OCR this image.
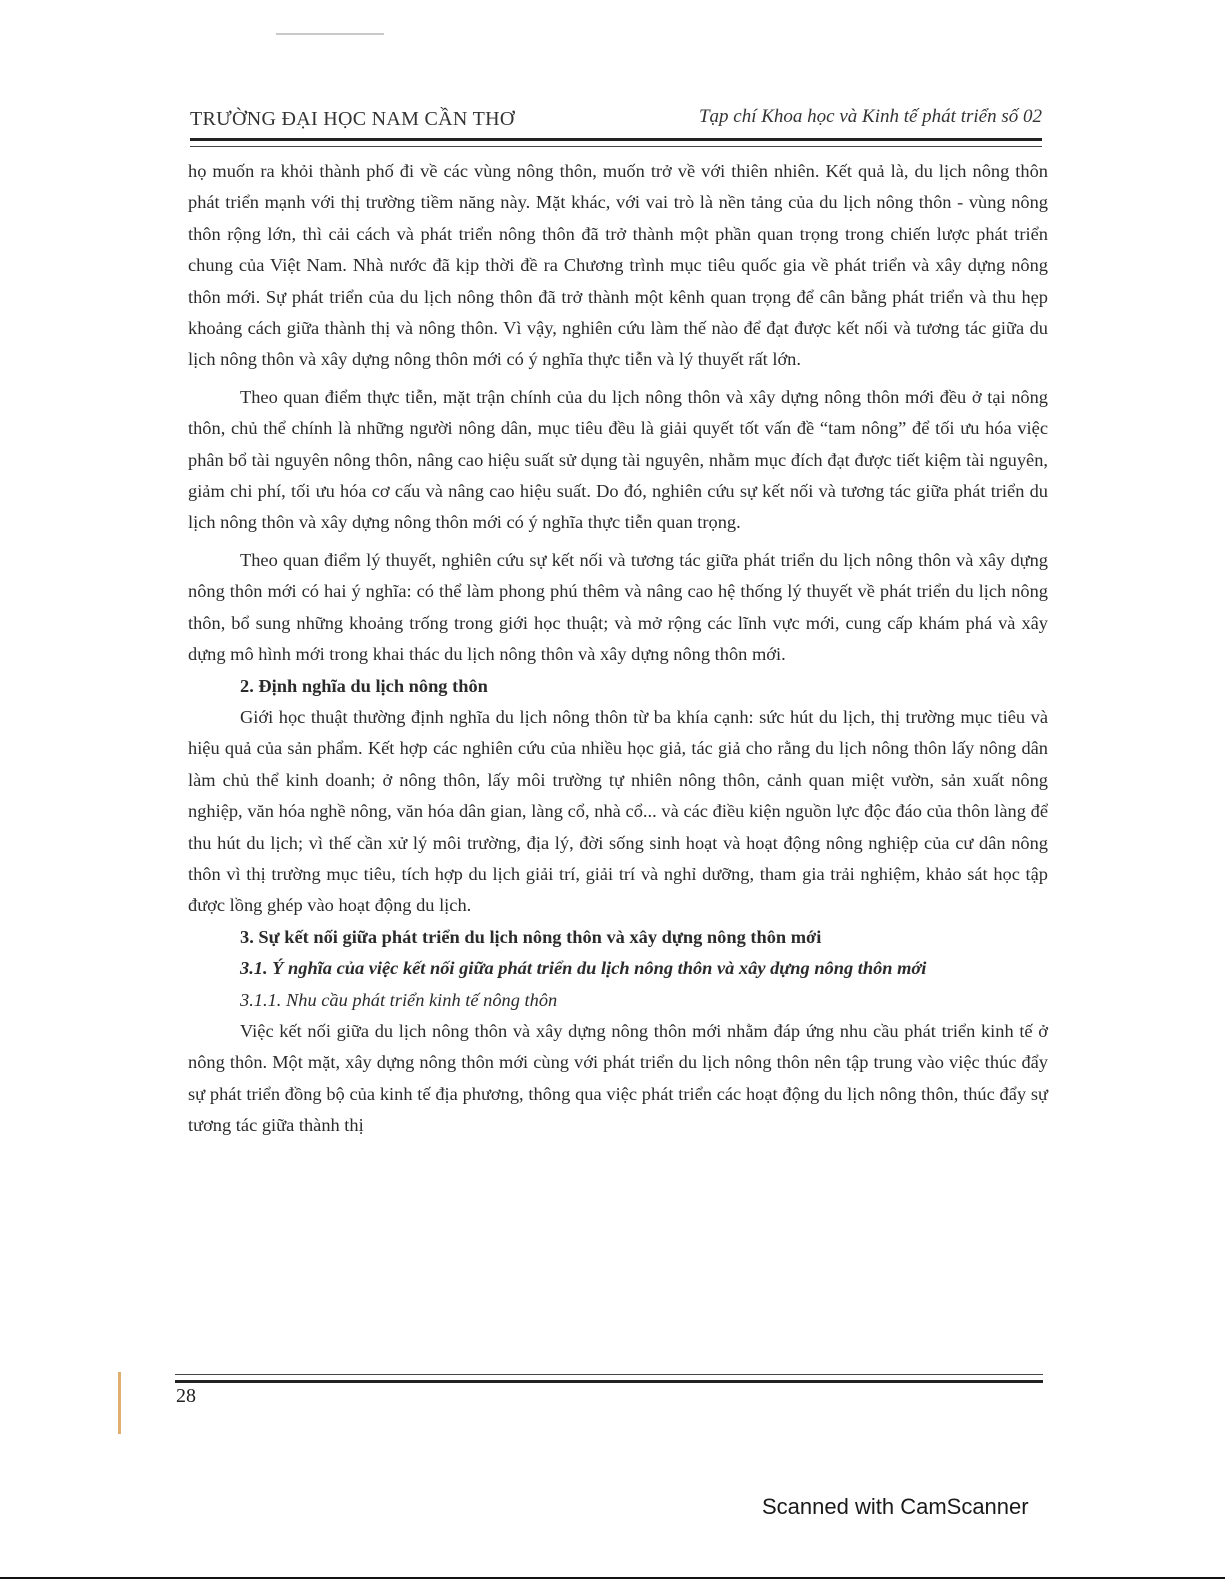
TRƯỜNG ĐẠI HỌC NAM CẦN THƠ	Tạp chí Khoa học và Kinh tế phát triển số 02

họ muốn ra khỏi thành phố đi về các vùng nông thôn, muốn trở về với thiên nhiên. Kết quả là, du lịch nông thôn phát triển mạnh với thị trường tiềm năng này. Mặt khác, với vai trò là nền tảng của du lịch nông thôn - vùng nông thôn rộng lớn, thì cải cách và phát triển nông thôn đã trở thành một phần quan trọng trong chiến lược phát triển chung của Việt Nam. Nhà nước đã kịp thời đề ra Chương trình mục tiêu quốc gia về phát triển và xây dựng nông thôn mới. Sự phát triển của du lịch nông thôn đã trở thành một kênh quan trọng để cân bằng phát triển và thu hẹp khoảng cách giữa thành thị và nông thôn. Vì vậy, nghiên cứu làm thế nào để đạt được kết nối và tương tác giữa du lịch nông thôn và xây dựng nông thôn mới có ý nghĩa thực tiễn và lý thuyết rất lớn.

Theo quan điểm thực tiễn, mặt trận chính của du lịch nông thôn và xây dựng nông thôn mới đều ở tại nông thôn, chủ thể chính là những người nông dân, mục tiêu đều là giải quyết tốt vấn đề “tam nông” để tối ưu hóa việc phân bổ tài nguyên nông thôn, nâng cao hiệu suất sử dụng tài nguyên, nhằm mục đích đạt được tiết kiệm tài nguyên, giảm chi phí, tối ưu hóa cơ cấu và nâng cao hiệu suất. Do đó, nghiên cứu sự kết nối và tương tác giữa phát triển du lịch nông thôn và xây dựng nông thôn mới có ý nghĩa thực tiễn quan trọng.

Theo quan điểm lý thuyết, nghiên cứu sự kết nối và tương tác giữa phát triển du lịch nông thôn và xây dựng nông thôn mới có hai ý nghĩa: có thể làm phong phú thêm và nâng cao hệ thống lý thuyết về phát triển du lịch nông thôn, bổ sung những khoảng trống trong giới học thuật; và mở rộng các lĩnh vực mới, cung cấp khám phá và xây dựng mô hình mới trong khai thác du lịch nông thôn và xây dựng nông thôn mới.

2. Định nghĩa du lịch nông thôn

Giới học thuật thường định nghĩa du lịch nông thôn từ ba khía cạnh: sức hút du lịch, thị trường mục tiêu và hiệu quả của sản phẩm. Kết hợp các nghiên cứu của nhiều học giả, tác giả cho rằng du lịch nông thôn lấy nông dân làm chủ thể kinh doanh; ở nông thôn, lấy môi trường tự nhiên nông thôn, cảnh quan miệt vườn, sản xuất nông nghiệp, văn hóa nghề nông, văn hóa dân gian, làng cổ, nhà cổ... và các điều kiện nguồn lực độc đáo của thôn làng để thu hút du lịch; vì thế cần xử lý môi trường, địa lý, đời sống sinh hoạt và hoạt động nông nghiệp của cư dân nông thôn vì thị trường mục tiêu, tích hợp du lịch giải trí, giải trí và nghỉ dưỡng, tham gia trải nghiệm, khảo sát học tập được lồng ghép vào hoạt động du lịch.

3. Sự kết nối giữa phát triển du lịch nông thôn và xây dựng nông thôn mới

3.1. Ý nghĩa của việc kết nối giữa phát triển du lịch nông thôn và xây dựng nông thôn mới

3.1.1. Nhu cầu phát triển kinh tế nông thôn

Việc kết nối giữa du lịch nông thôn và xây dựng nông thôn mới nhằm đáp ứng nhu cầu phát triển kinh tế ở nông thôn. Một mặt, xây dựng nông thôn mới cùng với phát triển du lịch nông thôn nên tập trung vào việc thúc đẩy sự phát triển đồng bộ của kinh tế địa phương, thông qua việc phát triển các hoạt động du lịch nông thôn, thúc đẩy sự tương tác giữa thành thị

28
Scanned with CamScanner
